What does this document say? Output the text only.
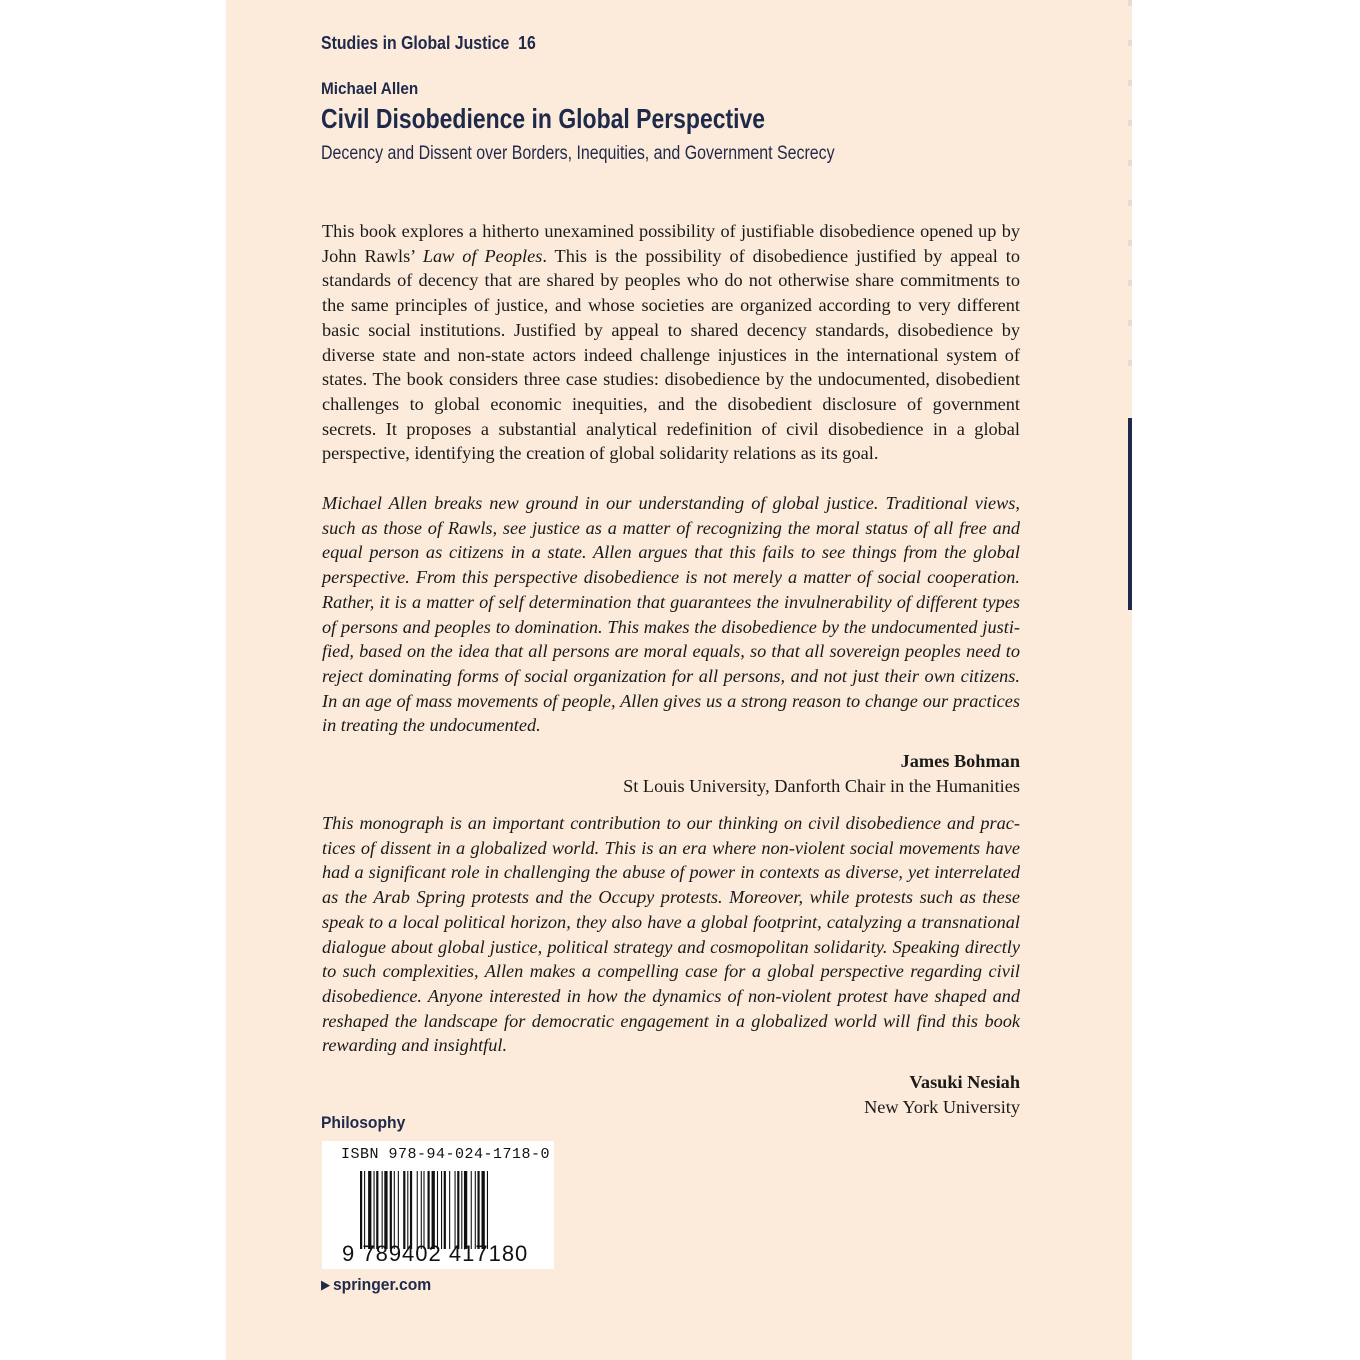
Studies in Global Justice 16
Michael Allen
Civil Disobedience in Global Perspective
Decency and Dissent over Borders, Inequities, and Government Secrecy
This book explores a hitherto unexamined possibility of justifiable disobedience opened up by John Rawls’ Law of Peoples. This is the possibility of disobedience justified by appeal to standards of decency that are shared by peoples who do not otherwise share commitments to the same principles of justice, and whose societies are organized according to very different basic social institutions. Justified by appeal to shared decency standards, disobedience by diverse state and non-state actors indeed challenge injustices in the international system of states. The book considers three case studies: disobedience by the undocumented, disobedient challenges to global economic inequities, and the disobedient disclosure of government secrets. It proposes a substantial analytical redefinition of civil disobedience in a global perspective, identifying the creation of global solidarity relations as its goal.
Michael Allen breaks new ground in our understanding of global justice. Traditional views, such as those of Rawls, see justice as a matter of recognizing the moral status of all free and equal person as citizens in a state. Allen argues that this fails to see things from the global perspective. From this perspective disobedience is not merely a matter of social cooperation. Rather, it is a matter of self determination that guarantees the invulnerability of different types of persons and peoples to domination. This makes the disobedience by the undocumented justified, based on the idea that all persons are moral equals, so that all sovereign peoples need to reject dominating forms of social organization for all persons, and not just their own citizens. In an age of mass movements of people, Allen gives us a strong reason to change our practices in treating the undocumented.
James Bohman
St Louis University, Danforth Chair in the Humanities
This monograph is an important contribution to our thinking on civil disobedience and practices of dissent in a globalized world. This is an era where non-violent social movements have had a significant role in challenging the abuse of power in contexts as diverse, yet interrelated as the Arab Spring protests and the Occupy protests. Moreover, while protests such as these speak to a local political horizon, they also have a global footprint, catalyzing a transnational dialogue about global justice, political strategy and cosmopolitan solidarity. Speaking directly to such complexities, Allen makes a compelling case for a global perspective regarding civil disobedience. Anyone interested in how the dynamics of non-violent protest have shaped and reshaped the landscape for democratic engagement in a globalized world will find this book rewarding and insightful.
Vasuki Nesiah
New York University
Philosophy
ISBN 978-94-024-1718-0
9 789402 417180
▶ springer.com
